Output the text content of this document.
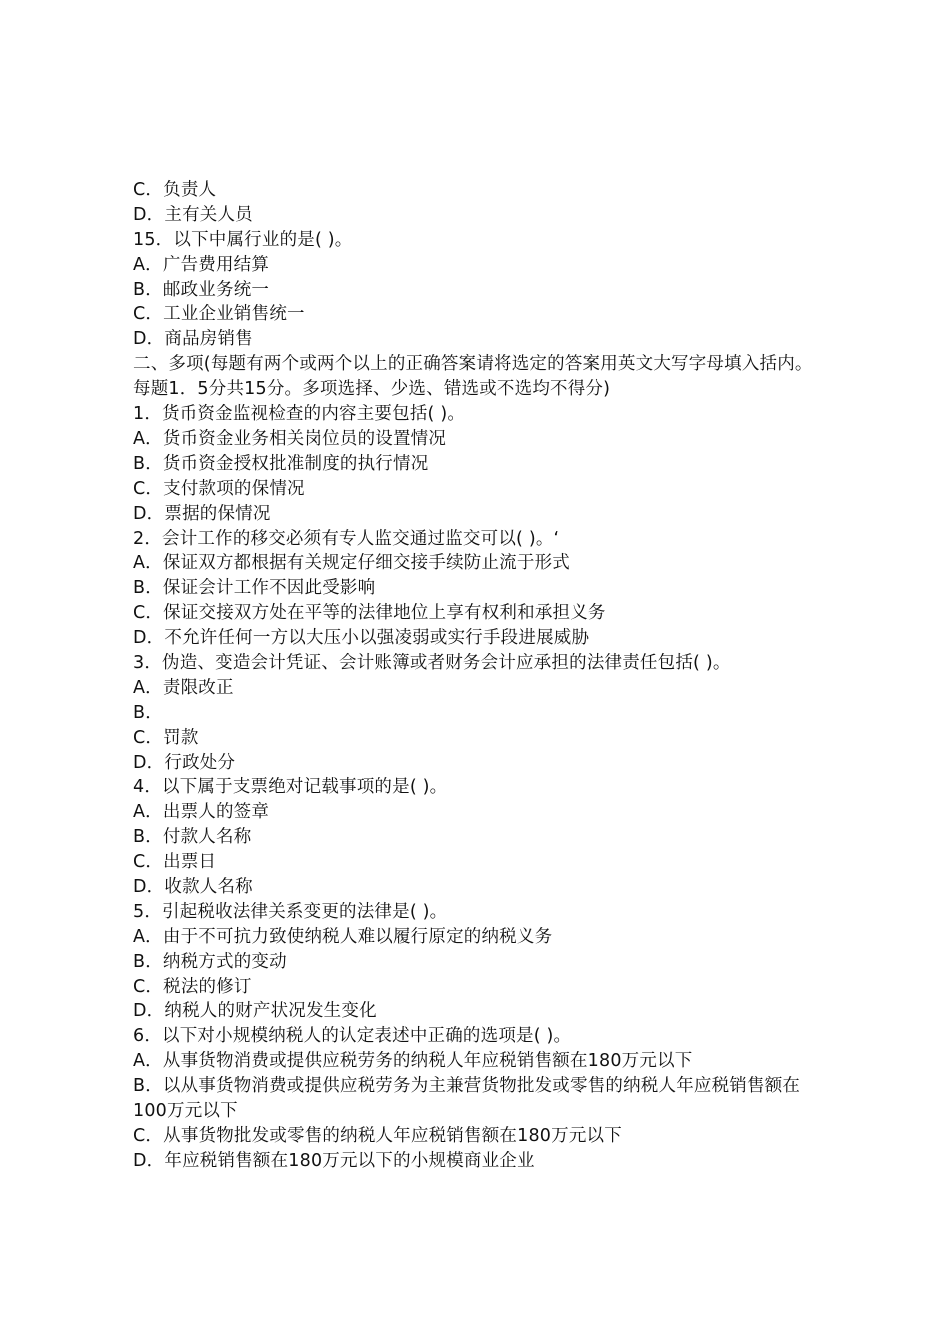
C．负责人
D．主有关人员
15．以下中属行业的是( )。
A．广告费用结算
B．邮政业务统一
C．工业企业销售统一
D．商品房销售
二、多项(每题有两个或两个以上的正确答案请将选定的答案用英文大写字母填入括内。每题1．5分共15分。多项选择、少选、错选或不选均不得分)
1．货币资金监视检查的内容主要包括( )。
A．货币资金业务相关岗位员的设置情况
B．货币资金授权批准制度的执行情况
C．支付款项的保情况
D．票据的保情况
2．会计工作的移交必须有专人监交通过监交可以( )。‘
A．保证双方都根据有关规定仔细交接手续防止流于形式
B．保证会计工作不因此受影响
C．保证交接双方处在平等的法律地位上享有权利和承担义务
D．不允许任何一方以大压小以强凌弱或实行手段进展威胁
3．伪造、变造会计凭证、会计账簿或者财务会计应承担的法律责任包括( )。
A．责限改正
B．
C．罚款
D．行政处分
4．以下属于支票绝对记载事项的是( )。
A．出票人的签章
B．付款人名称
C．出票日
D．收款人名称
5．引起税收法律关系变更的法律是( )。
A．由于不可抗力致使纳税人难以履行原定的纳税义务
B．纳税方式的变动
C．税法的修订
D．纳税人的财产状况发生变化
6．以下对小规模纳税人的认定表述中正确的选项是( )。
A．从事货物消费或提供应税劳务的纳税人年应税销售额在180万元以下
B．以从事货物消费或提供应税劳务为主兼营货物批发或零售的纳税人年应税销售额在100万元以下
C．从事货物批发或零售的纳税人年应税销售额在180万元以下
D．年应税销售额在180万元以下的小规模商业企业
